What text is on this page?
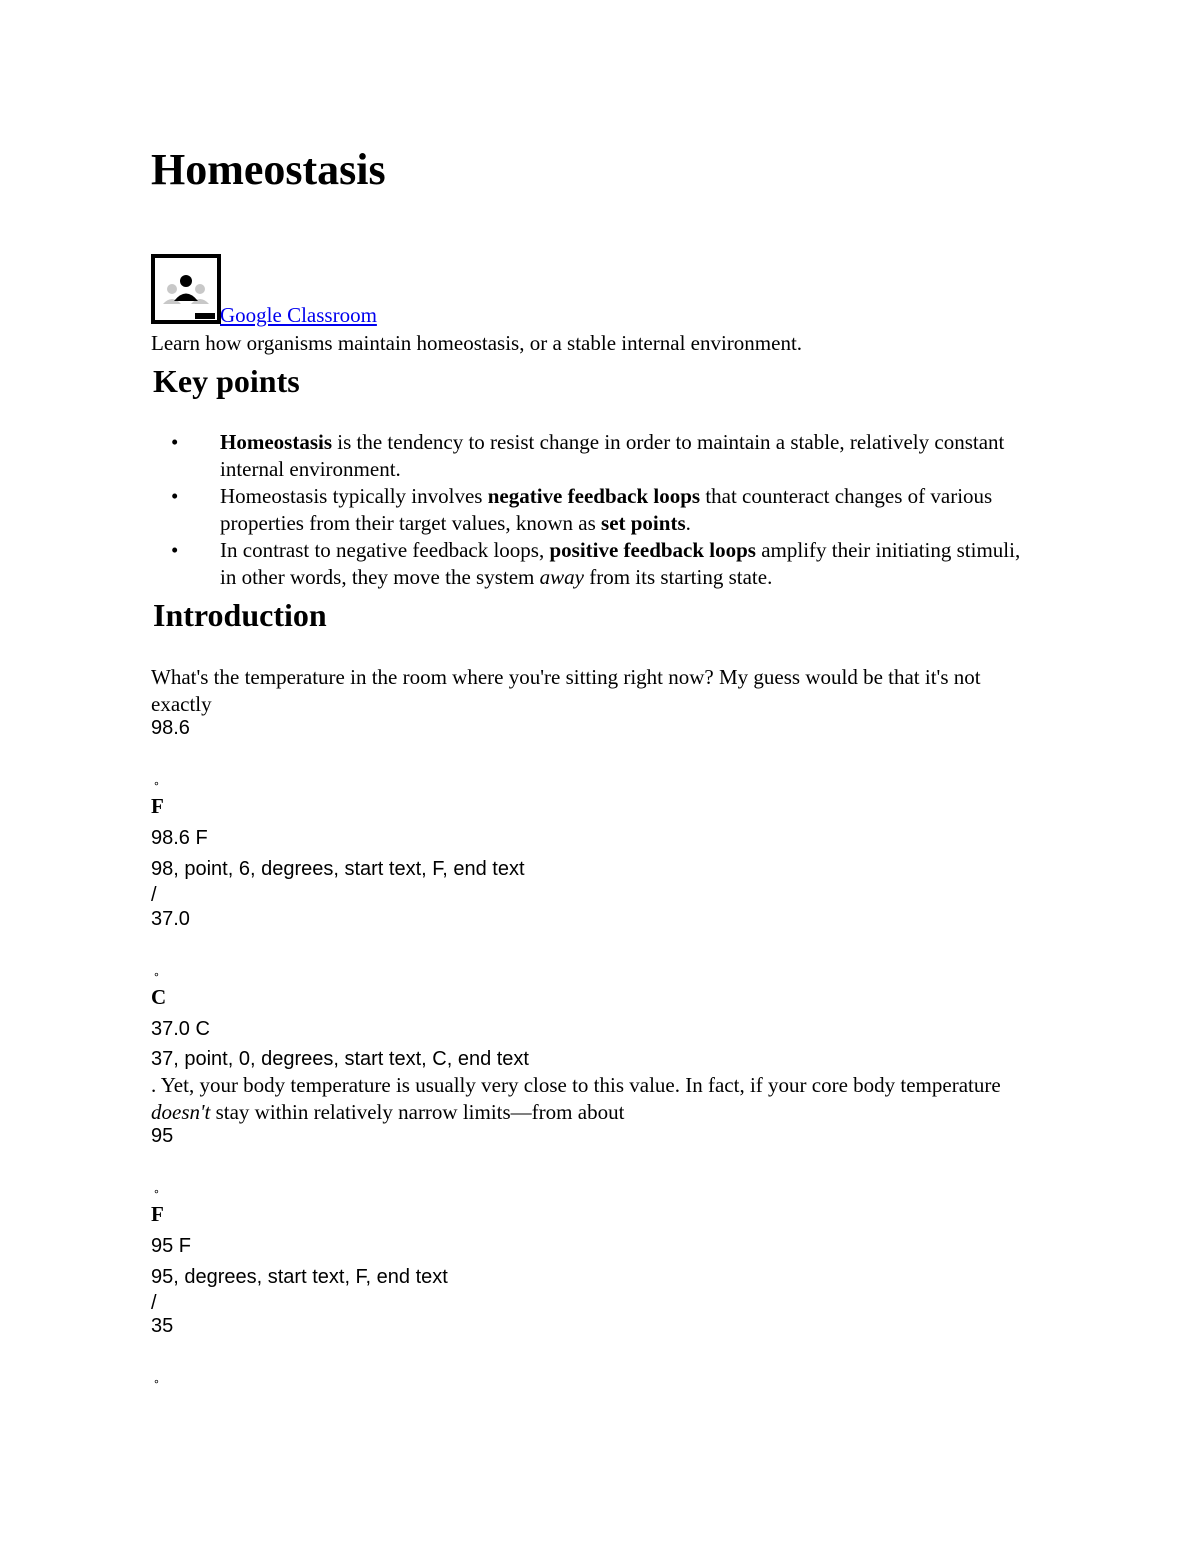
Homeostasis
Google Classroom
Learn how organisms maintain homeostasis, or a stable internal environment.
Key points
• Homeostasis is the tendency to resist change in order to maintain a stable, relatively constant internal environment.
• Homeostasis typically involves negative feedback loops that counteract changes of various properties from their target values, known as set points.
• In contrast to negative feedback loops, positive feedback loops amplify their initiating stimuli, in other words, they move the system away from its starting state.
Introduction
What's the temperature in the room where you're sitting right now? My guess would be that it's not exactly
98.6
∘
F
98.6 F
98, point, 6, degrees, start text, F, end text
/
37.0
∘
C
37.0 C
37, point, 0, degrees, start text, C, end text
. Yet, your body temperature is usually very close to this value. In fact, if your core body temperature doesn't stay within relatively narrow limits—from about
95
∘
F
95 F
95, degrees, start text, F, end text
/
35
∘
